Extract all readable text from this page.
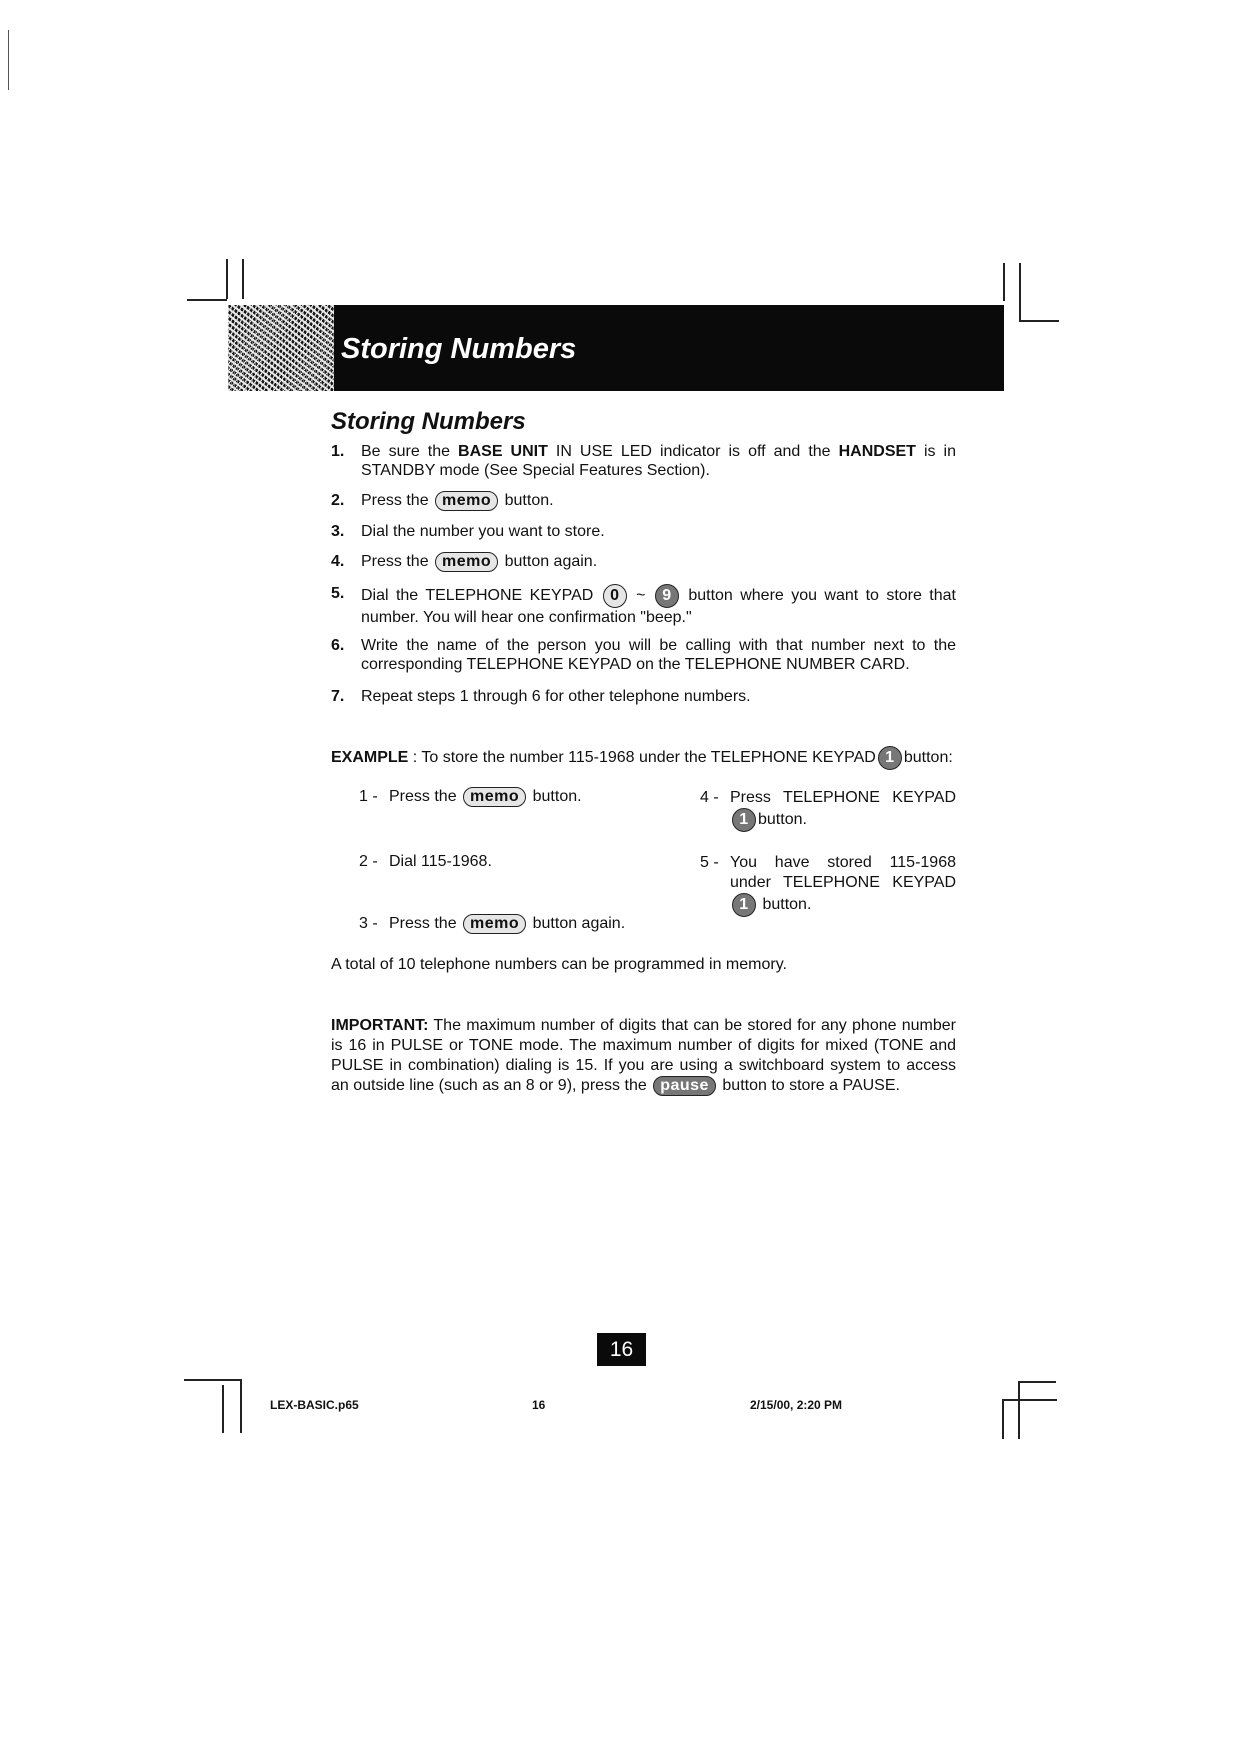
Storing Numbers
Storing Numbers
1. Be sure the BASE UNIT IN USE LED indicator is off and the HANDSET is in STANDBY mode (See Special Features Section).
2. Press the memo button.
3. Dial the number you want to store.
4. Press the memo button again.
5. Dial the TELEPHONE KEYPAD 0 ~ 9 button where you want to store that number. You will hear one confirmation "beep."
6. Write the name of the person you will be calling with that number next to the corresponding TELEPHONE KEYPAD on the TELEPHONE NUMBER CARD.
7. Repeat steps 1 through 6 for other telephone numbers.
EXAMPLE : To store the number 115-1968 under the TELEPHONE KEYPAD 1 button:
1 - Press the memo button.
2 - Dial 115-1968.
3 - Press the memo button again.
4 - Press TELEPHONE KEYPAD 1 button.
5 - You have stored 115-1968 under TELEPHONE KEYPAD 1 button.
A total of 10 telephone numbers can be programmed in memory.
IMPORTANT: The maximum number of digits that can be stored for any phone number is 16 in PULSE or TONE mode. The maximum number of digits for mixed (TONE and PULSE in combination) dialing is 15. If you are using a switchboard system to access an outside line (such as an 8 or 9), press the pause button to store a PAUSE.
16
LEX-BASIC.p65	16	2/15/00, 2:20 PM
